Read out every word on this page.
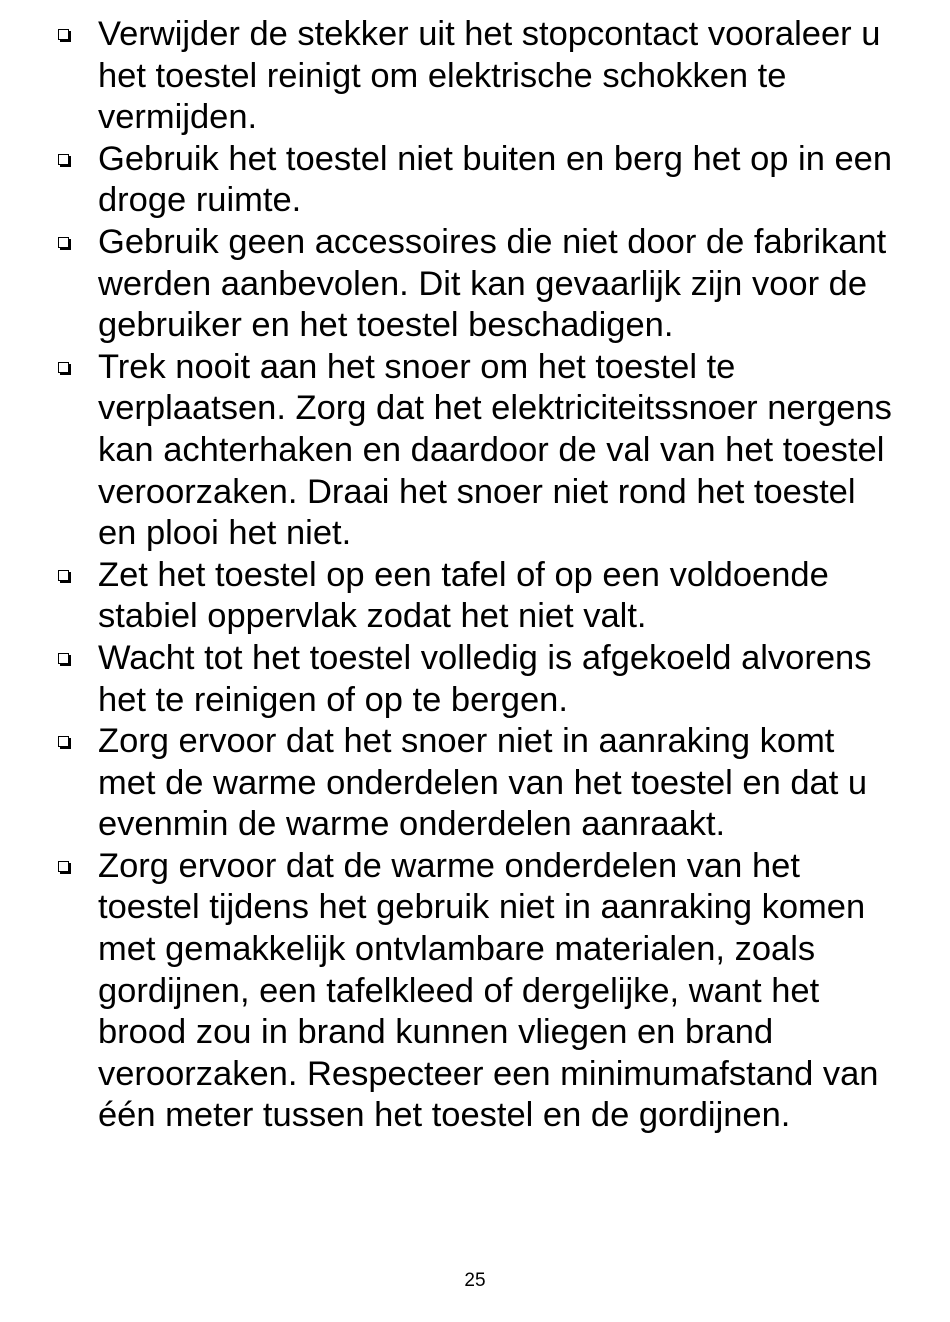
Verwijder de stekker uit het stopcontact vooraleer u het toestel reinigt om elektrische schokken te vermijden.
Gebruik het toestel niet buiten en berg het op in een droge ruimte.
Gebruik geen accessoires die niet door de fabrikant werden aanbevolen. Dit kan gevaarlijk zijn voor de gebruiker en het toestel beschadigen.
Trek nooit aan het snoer om het toestel te verplaatsen. Zorg dat het elektriciteitssnoer nergens kan achterhaken en daardoor de val van het toestel veroorzaken. Draai het snoer niet rond het toestel en plooi het niet.
Zet het toestel op een tafel of op een voldoende stabiel oppervlak zodat het niet valt.
Wacht tot het toestel volledig is afgekoeld alvorens het te reinigen of op te bergen.
Zorg ervoor dat het snoer niet in aanraking komt met de warme onderdelen van het toestel en dat u evenmin de warme onderdelen aanraakt.
Zorg ervoor dat de warme onderdelen van het toestel tijdens het gebruik niet in aanraking komen met gemakkelijk ontvlambare materialen, zoals gordijnen, een tafelkleed of dergelijke, want het brood zou in brand kunnen vliegen en brand veroorzaken. Respecteer een minimumafstand van één meter tussen het toestel en de gordijnen.
25
